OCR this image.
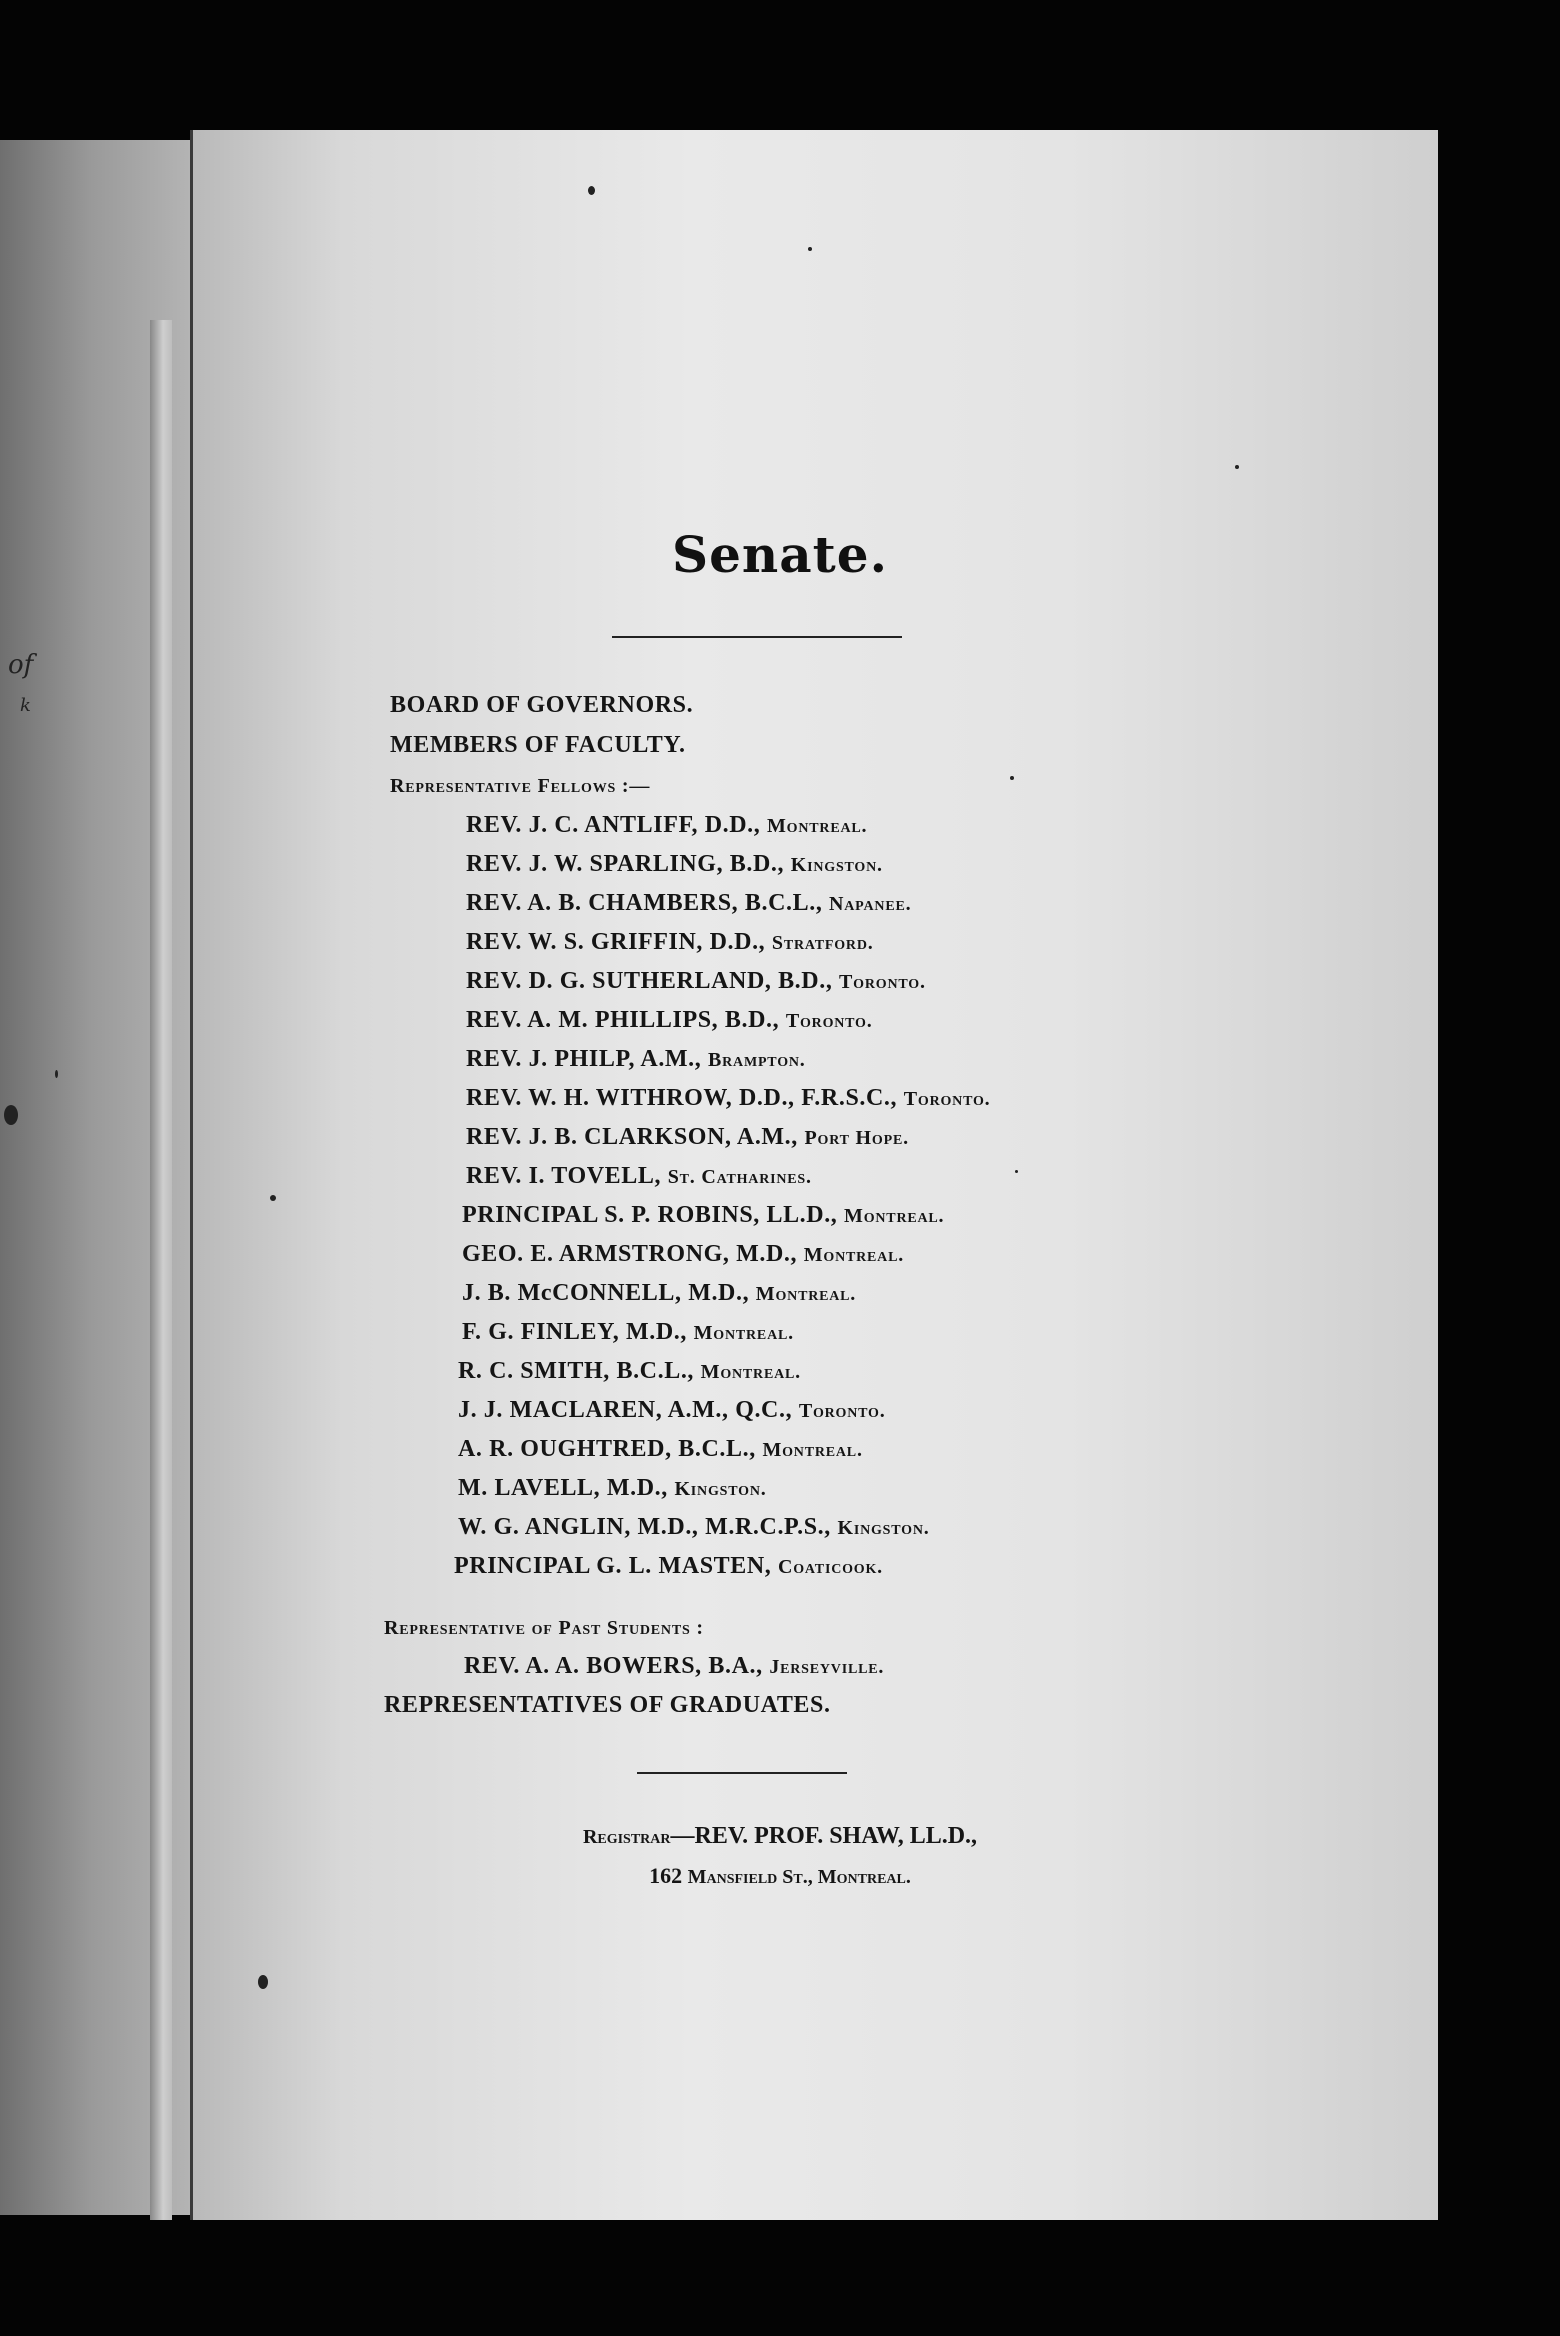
of
k
Senate.
BOARD OF GOVERNORS.
MEMBERS OF FACULTY.
Representative Fellows :—
REV. J. C. ANTLIFF, D.D., Montreal.
REV. J. W. SPARLING, B.D., Kingston.
REV. A. B. CHAMBERS, B.C.L., Napanee.
REV. W. S. GRIFFIN, D.D., Stratford.
REV. D. G. SUTHERLAND, B.D., Toronto.
REV. A. M. PHILLIPS, B.D., Toronto.
REV. J. PHILP, A.M., Brampton.
REV. W. H. WITHROW, D.D., F.R.S.C., Toronto.
REV. J. B. CLARKSON, A.M., Port Hope.
REV. I. TOVELL, St. Catharines.
PRINCIPAL S. P. ROBINS, LL.D., Montreal.
GEO. E. ARMSTRONG, M.D., Montreal.
J. B. McCONNELL, M.D., Montreal.
F. G. FINLEY, M.D., Montreal.
R. C. SMITH, B.C.L., Montreal.
J. J. MACLAREN, A.M., Q.C., Toronto.
A. R. OUGHTRED, B.C.L., Montreal.
M. LAVELL, M.D., Kingston.
W. G. ANGLIN, M.D., M.R.C.P.S., Kingston.
PRINCIPAL G. L. MASTEN, Coaticook.
Representative of Past Students :
REV. A. A. BOWERS, B.A., Jerseyville.
REPRESENTATIVES OF GRADUATES.
Registrar—REV. PROF. SHAW, LL.D.,
162 Mansfield St., Montreal.
